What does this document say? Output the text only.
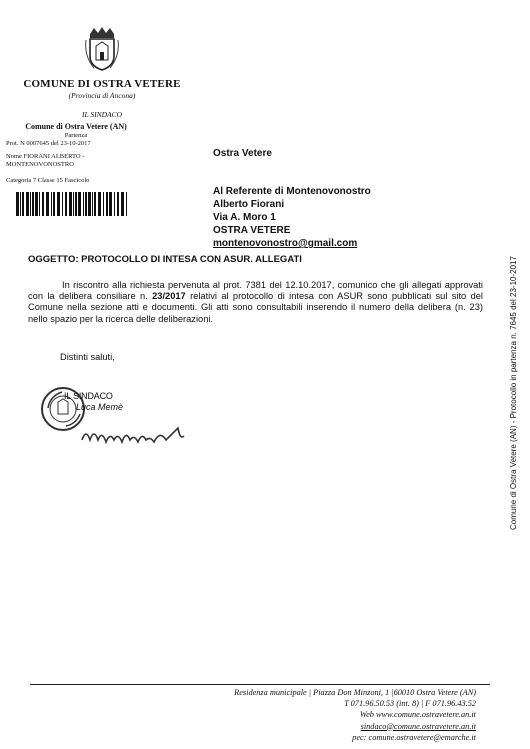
COMUNE DI OSTRA VETERE
(Provincia di Ancona)
IL SINDACO
Comune di Ostra Vetere (AN)
Partenza
Prot. N 0007645 del 23-10-2017
Nome FIORANI ALBERTO -
MONTENOVONOSTRO
Categoria 7 Classe 15 Fascicolo
Ostra Vetere
Al Referente di Montenovonostro
Alberto Fiorani
Via A. Moro 1
OSTRA VETERE
montenovonostro@gmail.com
OGGETTO: PROTOCOLLO DI INTESA CON ASUR. ALLEGATI

In riscontro alla richiesta pervenuta al prot. 7381 del 12.10.2017, comunico che gli allegati approvati con la delibera consiliare n. 23/2017 relativi al protocollo di intesa con ASUR sono pubblicati sul sito del Comune nella sezione atti e documenti. Gli atti sono consultabili inserendo il numero della delibera (n. 23) nello spazio per la ricerca delle deliberazioni.

Distinti saluti,
IL SINDACO
Luca Memè	Comune di Ostra Vetere (AN) - Protocollo in partenza n. 7645 del 23-10-2017
Residenza municipale | Piazza Don Minzoni, 1 |60010 Ostra Vetere (AN)
T 071.96.50.53 (int. 8) | F 071.96.43.52
Web www.comune.ostravetere.an.it
sindaco@comune.ostravetere.an.it
pec: comune.ostravetere@emarche.it
